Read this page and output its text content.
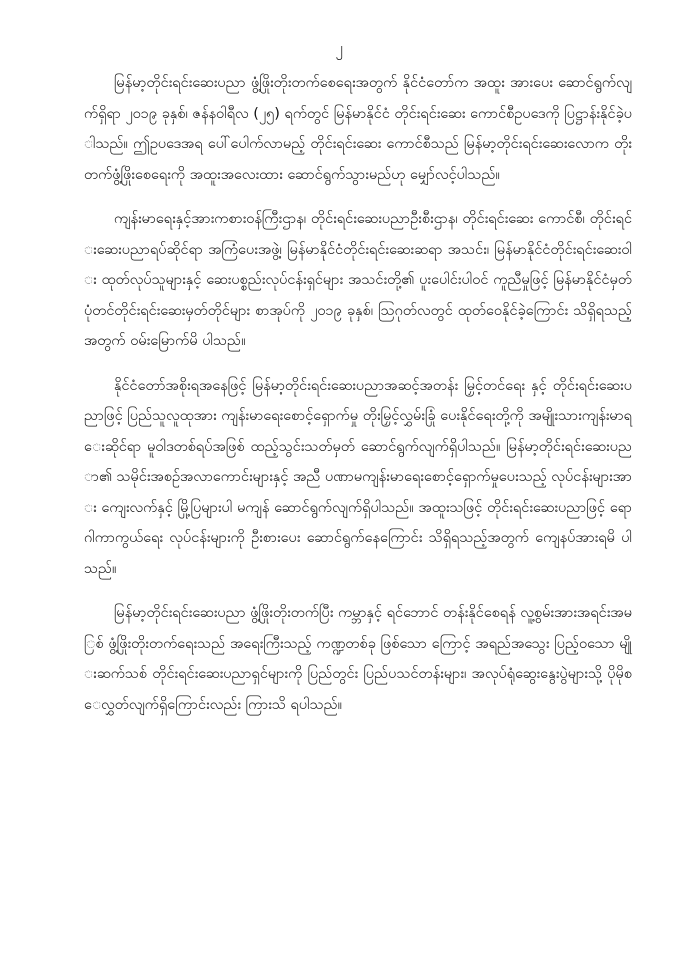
၂

မြန်မာ့တိုင်းရင်းဆေးပညာ ဖွံ့ဖြိုးတိုးတက်စေရေးအတွက် နိုင်ငံတော်က အထူး အားပေး ဆောင်ရွက်လျက်ရှိရာ ၂၀၁၉ ခုနှစ်၊ ဇန်နဝါရီလ (၂၅) ရက်တွင် မြန်မာနိုင်ငံ တိုင်းရင်းဆေး ကောင်စီဥပဒေကို ပြဋ္ဌာန်းနိုင်ခဲ့ပါသည်။ ဤဥပဒေအရ ပေါ်ပေါက်လာမည့် တိုင်းရင်းဆေး ကောင်စီသည် မြန်မာ့တိုင်းရင်းဆေးလောက တိုးတက်ဖွံ့ဖြိုးစေရေးကို အထူးအလေးထား ဆောင်ရွက်သွားမည်ဟု မျှော်လင့်ပါသည်။

ကျန်းမာရေးနှင့်အားကစားဝန်ကြီးဌာန၊ တိုင်းရင်းဆေးပညာဦးစီးဌာန၊ တိုင်းရင်းဆေး ကောင်စီ၊ တိုင်းရင်းဆေးပညာရပ်ဆိုင်ရာ အကြံပေးအဖွဲ့၊ မြန်မာနိုင်ငံတိုင်းရင်းဆေးဆရာ အသင်း၊ မြန်မာနိုင်ငံတိုင်းရင်းဆေးဝါး ထုတ်လုပ်သူများနှင့် ဆေးပစ္စည်းလုပ်ငန်းရှင်များ အသင်းတို့၏ ပူးပေါင်းပါဝင် ကူညီမှုဖြင့် မြန်မာနိုင်ငံမှတ်ပုံတင်တိုင်းရင်းဆေးမှတ်တိုင်များ စာအုပ်ကို ၂၀၁၉ ခုနှစ်၊ ဩဂုတ်လတွင် ထုတ်ဝေနိုင်ခဲ့ကြောင်း သိရှိရသည့်အတွက် ဝမ်းမြောက်မိ ပါသည်။

နိုင်ငံတော်အစိုးရအနေဖြင့် မြန်မာ့တိုင်းရင်းဆေးပညာအဆင့်အတန်း မြှင့်တင်ရေး နှင့် တိုင်းရင်းဆေးပညာဖြင့် ပြည်သူလူထုအား ကျန်းမာရေးစောင့်ရှောက်မှု တိုးမြှင့်လွှမ်းခြုံ ပေးနိုင်ရေးတို့ကို အမျိုးသားကျန်းမာရေးဆိုင်ရာ မူဝါဒတစ်ရပ်အဖြစ် ထည့်သွင်းသတ်မှတ် ဆောင်ရွက်လျက်ရှိပါသည်။ မြန်မာ့တိုင်းရင်းဆေးပညာ၏ သမိုင်းအစဉ်အလာကောင်းများနှင့် အညီ ပဏာမကျန်းမာရေးစောင့်ရှောက်မှုပေးသည့် လုပ်ငန်းများအား ကျေးလက်နှင့် မြို့ပြများပါ မကျန် ဆောင်ရွက်လျက်ရှိပါသည်။ အထူးသဖြင့် တိုင်းရင်းဆေးပညာဖြင့် ရောဂါကာကွယ်ရေး လုပ်ငန်းများကို ဦးစားပေး ဆောင်ရွက်နေကြောင်း သိရှိရသည့်အတွက် ကျေနပ်အားရမိ ပါသည်။

မြန်မာ့တိုင်းရင်းဆေးပညာ ဖွံ့ဖြိုးတိုးတက်ပြီး ကမ္ဘာနှင့် ရင်ဘောင် တန်းနိုင်စေရန် လူ့စွမ်းအားအရင်းအမြစ် ဖွံ့ဖြိုးတိုးတက်ရေးသည် အရေးကြီးသည့် ကဏ္ဍတစ်ခု ဖြစ်သော ကြောင့် အရည်အသွေး ပြည့်ဝသော မျိုးဆက်သစ် တိုင်းရင်းဆေးပညာရှင်များကို ပြည်တွင်း ပြည်ပသင်တန်းများ၊ အလုပ်ရုံဆွေးနွေးပွဲများသို့ ပိုမိုစေလွှတ်လျက်ရှိကြောင်းလည်း ကြားသိ ရပါသည်။
